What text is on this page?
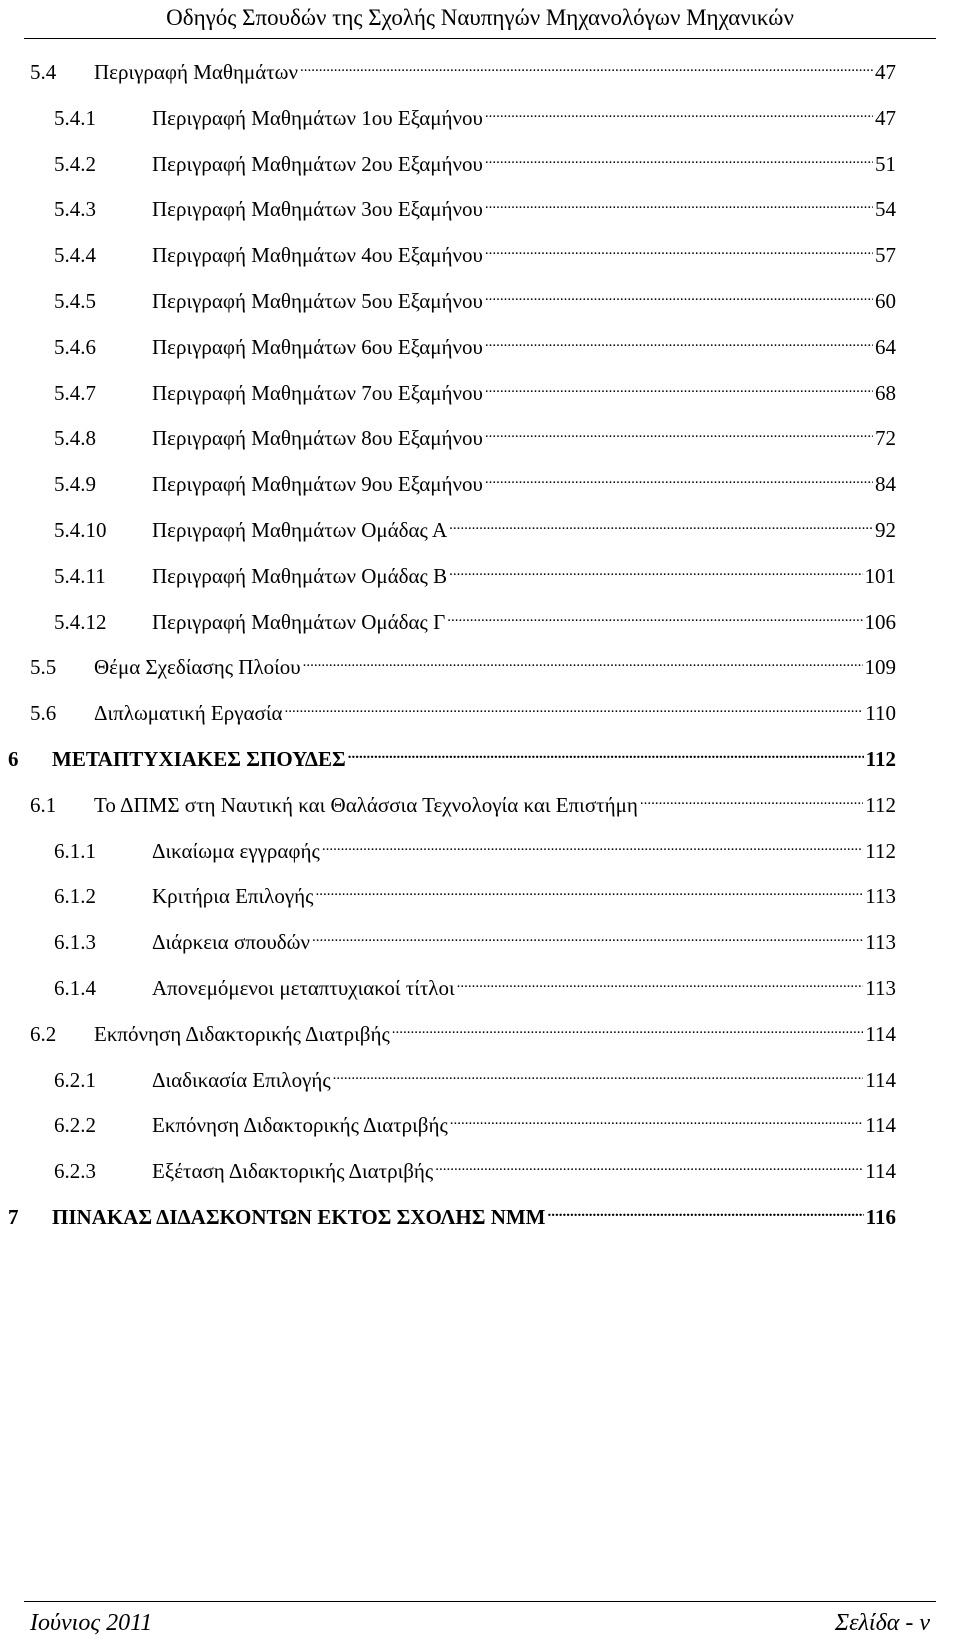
Οδηγός Σπουδών της Σχολής Ναυπηγών Μηχανολόγων Μηχανικών
5.4	Περιγραφή Μαθημάτων .....	47
5.4.1	Περιγραφή Μαθημάτων 1ου Εξαμήνου .....	47
5.4.2	Περιγραφή Μαθημάτων 2ου Εξαμήνου .....	51
5.4.3	Περιγραφή Μαθημάτων 3ου Εξαμήνου .....	54
5.4.4	Περιγραφή Μαθημάτων 4ου Εξαμήνου .....	57
5.4.5	Περιγραφή Μαθημάτων 5ου Εξαμήνου .....	60
5.4.6	Περιγραφή Μαθημάτων 6ου Εξαμήνου .....	64
5.4.7	Περιγραφή Μαθημάτων 7ου Εξαμήνου .....	68
5.4.8	Περιγραφή Μαθημάτων 8ου Εξαμήνου .....	72
5.4.9	Περιγραφή Μαθημάτων 9ου Εξαμήνου .....	84
5.4.10	Περιγραφή Μαθημάτων Ομάδας Α .....	92
5.4.11	Περιγραφή Μαθημάτων Ομάδας Β .....	101
5.4.12	Περιγραφή Μαθημάτων Ομάδας Γ .....	106
5.5	Θέμα Σχεδίασης Πλοίου .....	109
5.6	Διπλωματική Εργασία .....	110
6	ΜΕΤΑΠΤΥΧΙΑΚΕΣ ΣΠΟΥΔΕΣ .....	112
6.1	Το ΔΠΜΣ στη Ναυτική και Θαλάσσια Τεχνολογία και Επιστήμη .....	112
6.1.1	Δικαίωμα εγγραφής .....	112
6.1.2	Κριτήρια Επιλογής .....	113
6.1.3	Διάρκεια σπουδών .....	113
6.1.4	Απονεμόμενοι μεταπτυχιακοί τίτλοι .....	113
6.2	Εκπόνηση Διδακτορικής Διατριβής .....	114
6.2.1	Διαδικασία Επιλογής .....	114
6.2.2	Εκπόνηση Διδακτορικής Διατριβής .....	114
6.2.3	Εξέταση Διδακτορικής Διατριβής .....	114
7	ΠΙΝΑΚΑΣ ΔΙΔΑΣΚΟΝΤΩΝ ΕΚΤΟΣ ΣΧΟΛΗΣ ΝΜΜ .....	116
Ιούνιος 2011	Σελίδα - v
